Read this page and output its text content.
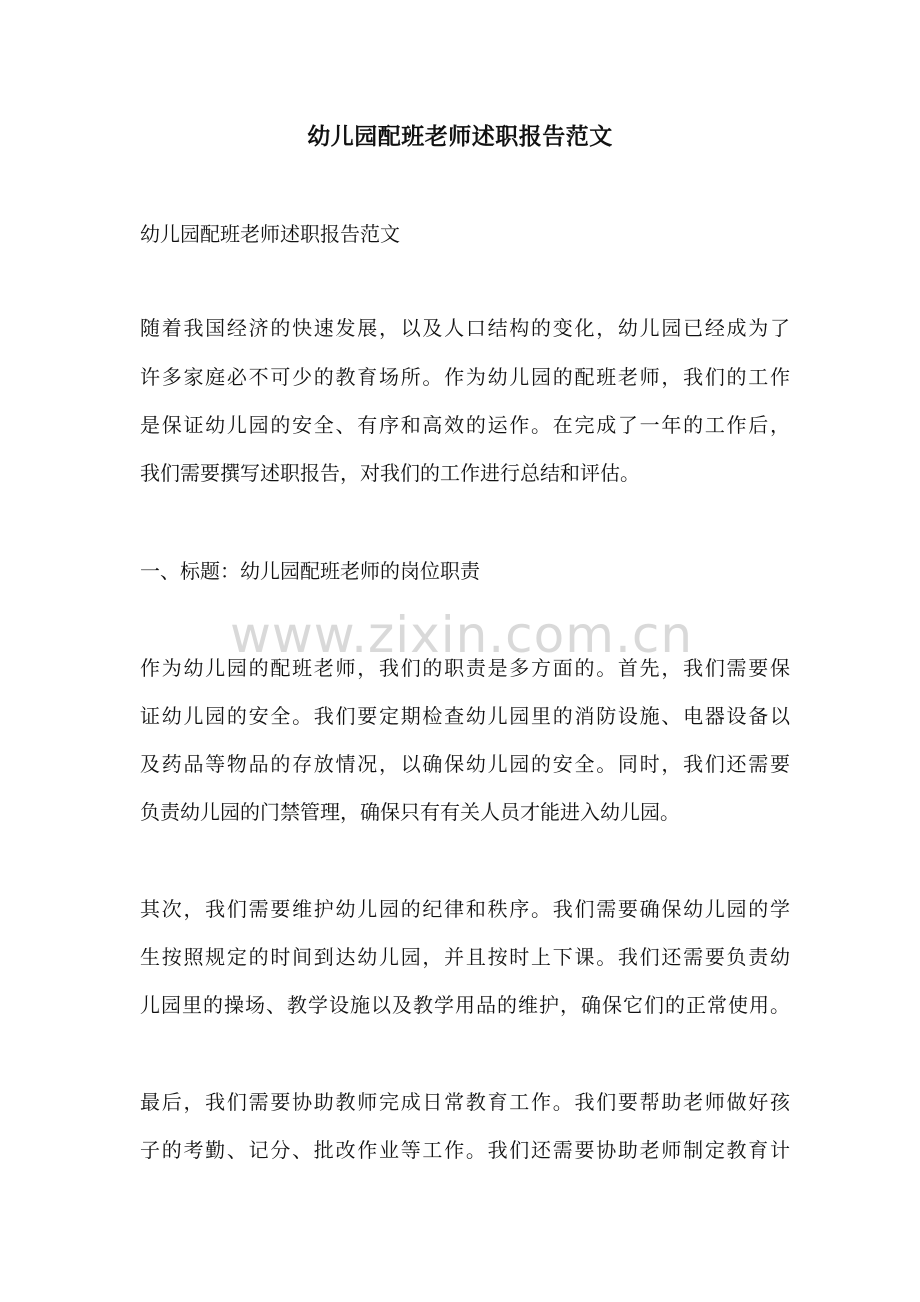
幼儿园配班老师述职报告范文
幼儿园配班老师述职报告范文
随着我国经济的快速发展，以及人口结构的变化，幼儿园已经成为了
许多家庭必不可少的教育场所。作为幼儿园的配班老师，我们的工作
是保证幼儿园的安全、有序和高效的运作。在完成了一年的工作后，
我们需要撰写述职报告，对我们的工作进行总结和评估。
一、标题：幼儿园配班老师的岗位职责
www.zixin.com.cn
作为幼儿园的配班老师，我们的职责是多方面的。首先，我们需要保
证幼儿园的安全。我们要定期检查幼儿园里的消防设施、电器设备以
及药品等物品的存放情况，以确保幼儿园的安全。同时，我们还需要
负责幼儿园的门禁管理，确保只有有关人员才能进入幼儿园。
其次，我们需要维护幼儿园的纪律和秩序。我们需要确保幼儿园的学
生按照规定的时间到达幼儿园，并且按时上下课。我们还需要负责幼
儿园里的操场、教学设施以及教学用品的维护，确保它们的正常使用。
最后，我们需要协助教师完成日常教育工作。我们要帮助老师做好孩
子的考勤、记分、批改作业等工作。我们还需要协助老师制定教育计
